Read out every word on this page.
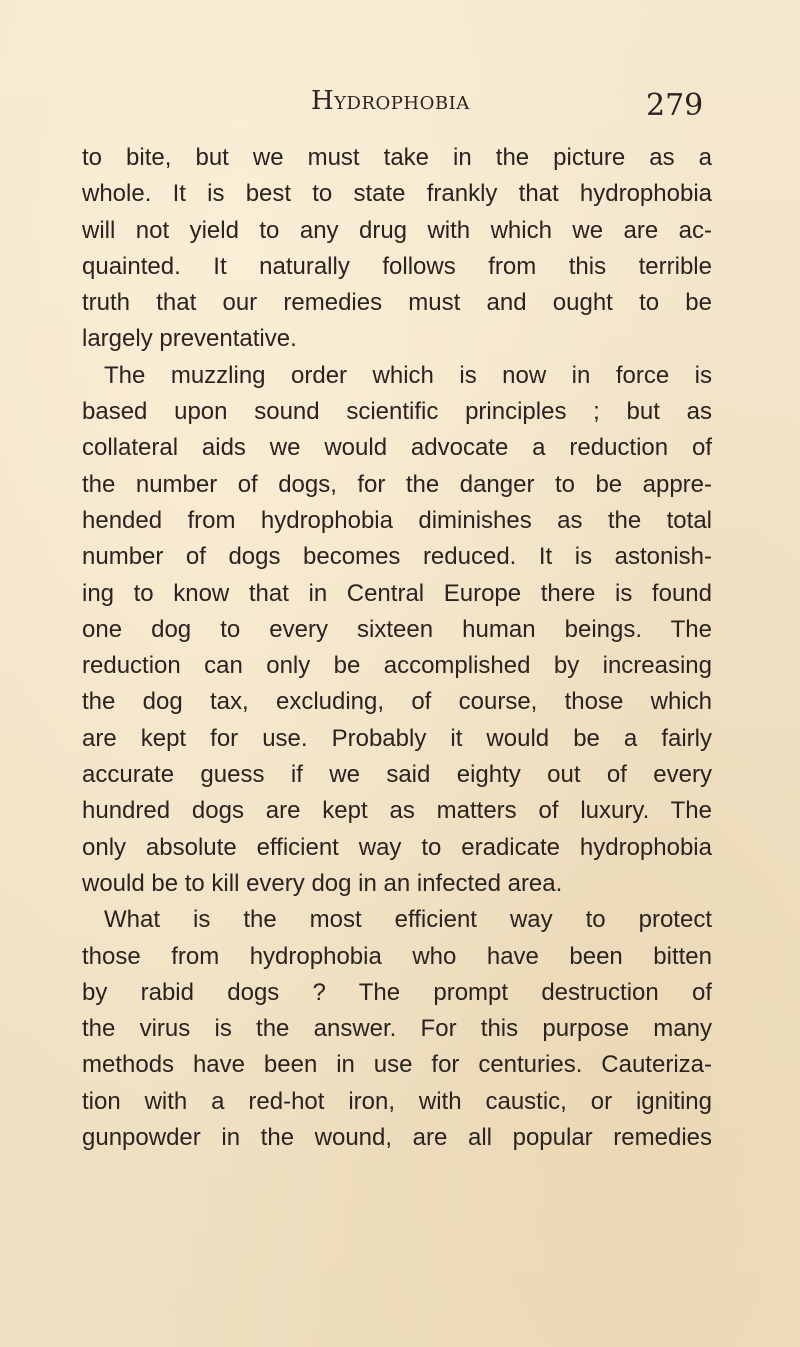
Hydrophobia	279
to bite, but we must take in the picture as a
whole. It is best to state frankly that hydrophobia
will not yield to any drug with which we are ac-
quainted. It naturally follows from this terrible
truth that our remedies must and ought to be
largely preventative.
The muzzling order which is now in force is
based upon sound scientific principles ; but as
collateral aids we would advocate a reduction of
the number of dogs, for the danger to be appre-
hended from hydrophobia diminishes as the total
number of dogs becomes reduced. It is astonish-
ing to know that in Central Europe there is found
one dog to every sixteen human beings. The
reduction can only be accomplished by increasing
the dog tax, excluding, of course, those which
are kept for use. Probably it would be a fairly
accurate guess if we said eighty out of every
hundred dogs are kept as matters of luxury. The
only absolute efficient way to eradicate hydrophobia
would be to kill every dog in an infected area.
What is the most efficient way to protect
those from hydrophobia who have been bitten
by rabid dogs ? The prompt destruction of
the virus is the answer. For this purpose many
methods have been in use for centuries. Cauteriza-
tion with a red-hot iron, with caustic, or igniting
gunpowder in the wound, are all popular remedies
